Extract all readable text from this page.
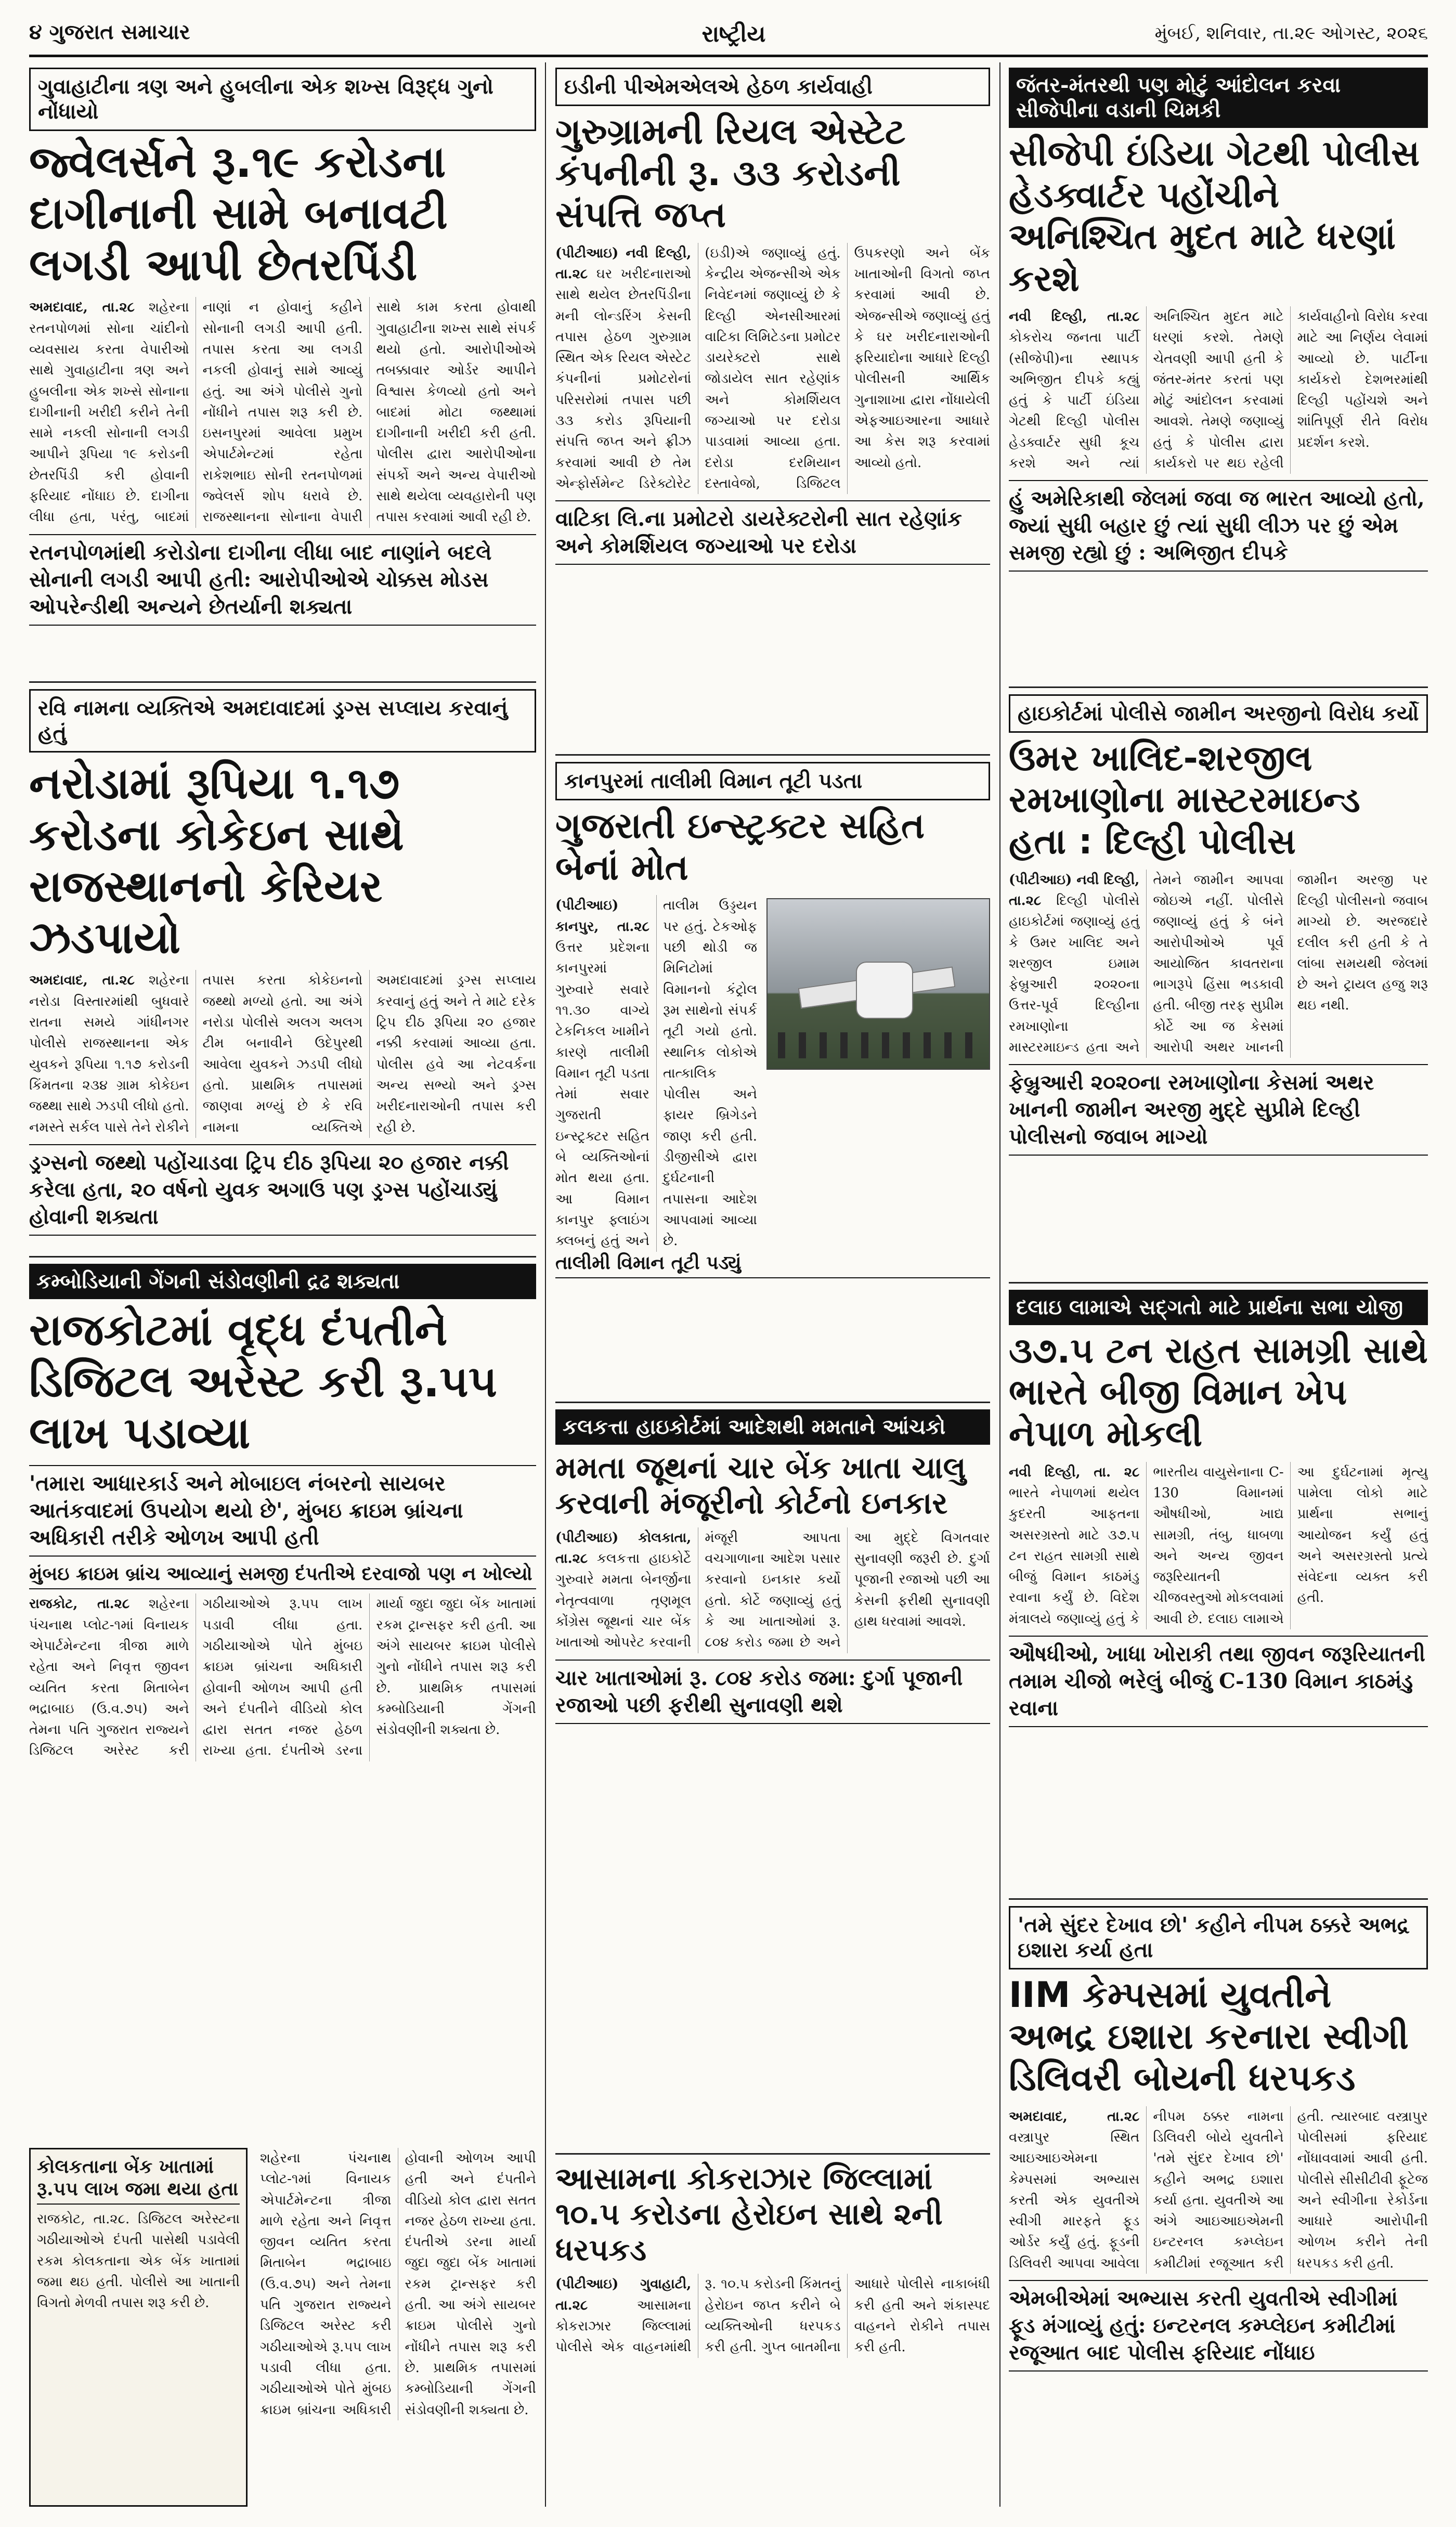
૪ ગુજરાત સમાચાર	રાષ્ટ્રીય	મુંબઈ, શનિવાર, તા.૨૯ ઓગસ્ટ, ૨૦૨૬
ગુવાહાટીના ત્રણ અને હુબલીના એક શખ્સ વિરૂદ્ધ ગુનો નોંધાયો
જ્વેલર્સને રૂ.૧૯ કરોડના દાગીનાની સામે બનાવટી લગડી આપી છેતરપિંડી
અમદાવાદ, તા.૨૮ શહેરના રતનપોળમાં સોના ચાંદીનો વ્યવસાય કરતા વેપારીઓ સાથે ગુવાહાટીના ત્રણ અને હુબલીના એક શખ્સે સોનાના દાગીનાની ખરીદી કરીને તેની સામે નકલી સોનાની લગડી આપીને રૂપિયા ૧૯ કરોડની છેતરપિંડી કરી હોવાની ફરિયાદ નોંધાઇ છે. દાગીના લીધા હતા, પરંતુ, બાદમાં નાણાં ન હોવાનું કહીને સોનાની લગડી આપી હતી. તપાસ કરતા આ લગડી નકલી હોવાનું સામે આવ્યું હતું. આ અંગે પોલીસે ગુનો નોંધીને તપાસ શરૂ કરી છે. ઇસનપુરમાં આવેલા પ્રમુખ એપાર્ટમેન્ટમાં રહેતા રાકેશભાઇ સોની રતનપોળમાં જ્વેલર્સ શોપ ધરાવે છે. રાજસ્થાનના સોનાના વેપારી સાથે કામ કરતા હોવાથી ગુવાહાટીના શખ્સ સાથે સંપર્ક થયો હતો. આરોપીઓએ તબક્કાવાર ઓર્ડર આપીને વિશ્વાસ કેળવ્યો હતો અને બાદમાં મોટા જથ્થામાં દાગીનાની ખરીદી કરી હતી. પોલીસ દ્વારા આરોપીઓના સંપર્કો અને અન્ય વેપારીઓ સાથે થયેલા વ્યવહારોની પણ તપાસ કરવામાં આવી રહી છે.
રતનપોળમાંથી કરોડોના દાગીના લીધા બાદ નાણાંને બદલે સોનાની લગડી આપી હતી: આરોપીઓએ ચોક્કસ મોડસ ઓપરેન્ડીથી અન્યને છેતર્યાની શક્યતા
રવિ નામના વ્યક્તિએ અમદાવાદમાં ડ્રગ્સ સપ્લાય કરવાનું હતું
નરોડામાં રૂપિયા ૧.૧૭ કરોડના કોકેઇન સાથે રાજસ્થાનનો કેરિયર ઝડપાયો
અમદાવાદ, તા.૨૮ શહેરના નરોડા વિસ્તારમાંથી બુધવારે રાતના સમયે ગાંધીનગર પોલીસે રાજસ્થાનના એક યુવકને રૂપિયા ૧.૧૭ કરોડની કિંમતના ૨૩૪ ગ્રામ કોકેઇન જથ્થા સાથે ઝડપી લીધો હતો. નમસ્તે સર્કલ પાસે તેને રોકીને તપાસ કરતા કોકેઇનનો જથ્થો મળ્યો હતો. આ અંગે નરોડા પોલીસે અલગ અલગ ટીમ બનાવીને ઉદેપુરથી આવેલા યુવકને ઝડપી લીધો હતો. પ્રાથમિક તપાસમાં જાણવા મળ્યું છે કે રવિ નામના વ્યક્તિએ અમદાવાદમાં ડ્રગ્સ સપ્લાય કરવાનું હતું અને તે માટે દરેક ટ્રિપ દીઠ રૂપિયા ૨૦ હજાર નક્કી કરવામાં આવ્યા હતા. પોલીસ હવે આ નેટવર્કના અન્ય સભ્યો અને ડ્રગ્સ ખરીદનારાઓની તપાસ કરી રહી છે.
ડ્રગ્સનો જથ્થો પહોંચાડવા ટ્રિપ દીઠ રૂપિયા ૨૦ હજાર નક્કી કરેલા હતા, ૨૦ વર્ષનો યુવક અગાઉ પણ ડ્રગ્સ પહોંચાડ્યું હોવાની શક્યતા
કમ્બોડિયાની ગેંગની સંડોવણીની દ્રઢ શક્યતા
રાજકોટમાં વૃદ્ધ દંપતીને ડિજિટલ અરેસ્ટ કરી રૂ.૫૫ લાખ પડાવ્યા
'તમારા આધારકાર્ડ અને મોબાઇલ નંબરનો સાયબર આતંકવાદમાં ઉપયોગ થયો છે', મુંબઇ ક્રાઇમ બ્રાંચના અધિકારી તરીકે ઓળખ આપી હતી
મુંબઇ ક્રાઇમ બ્રાંચ આવ્યાનું સમજી દંપતીએ દરવાજો પણ ન ખોલ્યો
રાજકોટ, તા.૨૮ શહેરના પંચનાથ પ્લોટ-૧માં વિનાયક એપાર્ટમેન્ટના ત્રીજા માળે રહેતા અને નિવૃત્ત જીવન વ્યતિત કરતા મિતાબેન ભદ્રાબાઇ (ઉ.વ.૭૫) અને તેમના પતિ ગુજરાત રાજ્યને ડિજિટલ અરેસ્ટ કરી ગઠીયાઓએ રૂ.૫૫ લાખ પડાવી લીધા હતા. ગઠીયાઓએ પોતે મુંબઇ ક્રાઇમ બ્રાંચના અધિકારી હોવાની ઓળખ આપી હતી અને દંપતીને વીડિયો કોલ દ્વારા સતત નજર હેઠળ રાખ્યા હતા. દંપતીએ ડરના માર્યા જુદા જુદા બેંક ખાતામાં રકમ ટ્રાન્સફર કરી હતી. આ અંગે સાયબર ક્રાઇમ પોલીસે ગુનો નોંધીને તપાસ શરૂ કરી છે. પ્રાથમિક તપાસમાં કમ્બોડિયાની ગેંગની સંડોવણીની શક્યતા છે.
કોલકતાના બેંક ખાતામાં રૂ.૫૫ લાખ જમા થયા હતા
રાજકોટ, તા.૨૮. ડિજિટલ અરેસ્ટના ગઠીયાઓએ દંપતી પાસેથી પડાવેલી રકમ કોલકતાના એક બેંક ખાતામાં જમા થઇ હતી. પોલીસે આ ખાતાની વિગતો મેળવી તપાસ શરૂ કરી છે.
શહેરના પંચનાથ પ્લોટ-૧માં વિનાયક એપાર્ટમેન્ટના ત્રીજા માળે રહેતા અને નિવૃત્ત જીવન વ્યતિત કરતા મિતાબેન ભદ્રાબાઇ (ઉ.વ.૭૫) અને તેમના પતિ ગુજરાત રાજ્યને ડિજિટલ અરેસ્ટ કરી ગઠીયાઓએ રૂ.૫૫ લાખ પડાવી લીધા હતા. ગઠીયાઓએ પોતે મુંબઇ ક્રાઇમ બ્રાંચના અધિકારી હોવાની ઓળખ આપી હતી અને દંપતીને વીડિયો કોલ દ્વારા સતત નજર હેઠળ રાખ્યા હતા. દંપતીએ ડરના માર્યા જુદા જુદા બેંક ખાતામાં રકમ ટ્રાન્સફર કરી હતી. આ અંગે સાયબર ક્રાઇમ પોલીસે ગુનો નોંધીને તપાસ શરૂ કરી છે. પ્રાથમિક તપાસમાં કમ્બોડિયાની ગેંગની સંડોવણીની શક્યતા છે.
ઇડીની પીએમએલએ હેઠળ કાર્યવાહી
ગુરુગ્રામની રિયલ એસ્ટેટ કંપનીની રૂ. ૩૩ કરોડની સંપત્તિ જપ્ત
(પીટીઆઇ) નવી દિલ્હી, તા.૨૮ ઘર ખરીદનારાઓ સાથે થયેલ છેતરપિંડીના મની લોન્ડરિંગ કેસની તપાસ હેઠળ ગુરુગ્રામ સ્થિત એક રિયલ એસ્ટેટ કંપનીનાં પ્રમોટરોનાં પરિસરોમાં તપાસ પછી ૩૩ કરોડ રૂપિયાની સંપત્તિ જપ્ત અને ફ્રીઝ કરવામાં આવી છે તેમ એન્ફોર્સમેન્ટ ડિરેક્ટોરેટ (ઇડી)એ જણાવ્યું હતું. કેન્દ્રીય એજન્સીએ એક નિવેદનમાં જણાવ્યું છે કે દિલ્હી એનસીઆરમાં વાટિકા લિમિટેડના પ્રમોટર ડાયરેક્ટરો સાથે જોડાયેલ સાત રહેણાંક અને કોમર્શિયલ જગ્યાઓ પર દરોડા પાડવામાં આવ્યા હતા. દરોડા દરમિયાન દસ્તાવેજો, ડિજિટલ ઉપકરણો અને બેંક ખાતાઓની વિગતો જપ્ત કરવામાં આવી છે. એજન્સીએ જણાવ્યું હતું કે ઘર ખરીદનારાઓની ફરિયાદોના આધારે દિલ્હી પોલીસની આર્થિક ગુનાશાખા દ્વારા નોંધાયેલી એફઆઇઆરના આધારે આ કેસ શરૂ કરવામાં આવ્યો હતો.
વાટિકા લિ.ના પ્રમોટરો ડાયરેક્ટરોની સાત રહેણાંક અને કોમર્શિયલ જગ્યાઓ પર દરોડા
કાનપુરમાં તાલીમી વિમાન તૂટી પડતા
ગુજરાતી ઇન્સ્ટ્રક્ટર સહિત બેનાં મોત
(પીટીઆઇ) કાનપુર, તા.૨૮ ઉત્તર પ્રદેશના કાનપુરમાં ગુરુવારે સવારે ૧૧.૩૦ વાગ્યે ટેકનિકલ ખામીને કારણે તાલીમી વિમાન તૂટી પડતા તેમાં સવાર ગુજરાતી ઇન્સ્ટ્રક્ટર સહિત બે વ્યક્તિઓનાં મોત થયા હતા. આ વિમાન કાનપુર ફ્લાઇંગ ક્લબનું હતું અને તાલીમ ઉડ્ડયન પર હતું. ટેકઓફ પછી થોડી જ મિનિટોમાં વિમાનનો કંટ્રોલ રૂમ સાથેનો સંપર્ક તૂટી ગયો હતો. સ્થાનિક લોકોએ તાત્કાલિક પોલીસ અને ફાયર બ્રિગેડને જાણ કરી હતી. ડીજીસીએ દ્વારા દુર્ઘટનાની તપાસના આદેશ આપવામાં આવ્યા છે.
તાલીમી વિમાન તૂટી પડ્યું
કલકત્તા હાઇકોર્ટમાં આદેશથી મમતાને આંચકો
મમતા જૂથનાં ચાર બેંક ખાતા ચાલુ કરવાની મંજૂરીનો કોર્ટનો ઇનકાર
(પીટીઆઇ) કોલકાતા, તા.૨૮ કલકત્તા હાઇકોર્ટે ગુરુવારે મમતા બેનર્જીના નેતૃત્વવાળા તૃણમૂલ કોંગ્રેસ જૂથનાં ચાર બેંક ખાતાઓ ઓપરેટ કરવાની મંજૂરી આપતા વચગાળાના આદેશ પસાર કરવાનો ઇનકાર કર્યો હતો. કોર્ટે જણાવ્યું હતું કે આ ખાતાઓમાં રૂ. ૮૦૪ કરોડ જમા છે અને આ મુદ્દે વિગતવાર સુનાવણી જરૂરી છે. દુર્ગા પૂજાની રજાઓ પછી આ કેસની ફરીથી સુનાવણી હાથ ધરવામાં આવશે.
ચાર ખાતાઓમાં રૂ. ૮૦૪ કરોડ જમા: દુર્ગા પૂજાની રજાઓ પછી ફરીથી સુનાવણી થશે
આસામના કોકરાઝાર જિલ્લામાં ૧૦.૫ કરોડના હેરોઇન સાથે ૨ની ધરપકડ
(પીટીઆઇ) ગુવાહાટી, તા.૨૮	આસામના કોકરાઝાર જિલ્લામાં પોલીસે એક વાહનમાંથી રૂ. ૧૦.૫ કરોડની કિંમતનું હેરોઇન જપ્ત કરીને બે વ્યક્તિઓની ધરપકડ કરી હતી. ગુપ્ત બાતમીના આધારે પોલીસે નાકાબંધી કરી હતી અને શંકાસ્પદ વાહનને રોકીને તપાસ કરી હતી.
જંતર-મંતરથી પણ મોટું આંદોલન કરવા સીજેપીના વડાની ચિમકી
સીજેપી ઇંડિયા ગેટથી પોલીસ હેડક્વાર્ટર પહોંચીને અનિશ્ચિત મુદત માટે ધરણાં કરશે
નવી દિલ્હી, તા.૨૮ કોકરોચ જનતા પાર્ટી (સીજેપી)ના સ્થાપક અભિજીત દીપકે કહ્યું હતું કે પાર્ટી ઇંડિયા ગેટથી દિલ્હી પોલીસ હેડક્વાર્ટર સુધી કૂચ કરશે અને ત્યાં અનિશ્ચિત મુદત માટે ધરણાં કરશે. તેમણે ચેતવણી આપી હતી કે જંતર-મંતર કરતાં પણ મોટું આંદોલન કરવામાં આવશે. તેમણે જણાવ્યું હતું કે પોલીસ દ્વારા કાર્યકરો પર થઇ રહેલી કાર્યવાહીનો વિરોધ કરવા માટે આ નિર્ણય લેવામાં આવ્યો છે. પાર્ટીના કાર્યકરો દેશભરમાંથી દિલ્હી પહોંચશે અને શાંતિપૂર્ણ રીતે વિરોધ પ્રદર્શન કરશે.
હું અમેરિકાથી જેલમાં જવા જ ભારત આવ્યો હતો, જ્યાં સુધી બહાર છું ત્યાં સુધી લીઝ પર છું એમ સમજી રહ્યો છું : અભિજીત દીપકે
હાઇકોર્ટમાં પોલીસે જામીન અરજીનો વિરોધ કર્યો
ઉમર ખાલિદ-શરજીલ રમખાણોના માસ્ટરમાઇન્ડ હતા : દિલ્હી પોલીસ
(પીટીઆઇ) નવી દિલ્હી, તા.૨૮ દિલ્હી પોલીસે હાઇકોર્ટમાં જણાવ્યું હતું કે ઉમર ખાલિદ અને શરજીલ ઇમામ ફેબ્રુઆરી ૨૦૨૦ના ઉત્તર-પૂર્વ દિલ્હીના રમખાણોના માસ્ટરમાઇન્ડ હતા અને તેમને જામીન આપવા જોઇએ નહીં. પોલીસે જણાવ્યું હતું કે બંને આરોપીઓએ પૂર્વ આયોજિત કાવતરાના ભાગરૂપે હિંસા ભડકાવી હતી. બીજી તરફ સુપ્રીમ કોર્ટે આ જ કેસમાં આરોપી અથર ખાનની જામીન અરજી પર દિલ્હી પોલીસનો જવાબ માગ્યો છે. અરજદારે દલીલ કરી હતી કે તે લાંબા સમયથી જેલમાં છે અને ટ્રાયલ હજુ શરૂ થઇ નથી.
ફેબ્રુઆરી ૨૦૨૦ના રમખાણોના કેસમાં અથર ખાનની જામીન અરજી મુદ્દે સુપ્રીમે દિલ્હી પોલીસનો જવાબ માગ્યો
દલાઇ લામાએ સદ્ગતો માટે પ્રાર્થના સભા યોજી
૩૭.૫ ટન રાહત સામગ્રી સાથે ભારતે બીજી વિમાન ખેપ નેપાળ મોકલી
નવી દિલ્હી, તા. ૨૮ ભારતે નેપાળમાં થયેલ કુદરતી આફતના અસરગ્રસ્તો માટે ૩૭.૫ ટન રાહત સામગ્રી સાથે બીજું વિમાન કાઠમંડુ રવાના કર્યું છે. વિદેશ મંત્રાલયે જણાવ્યું હતું કે ભારતીય વાયુસેનાના C-130 વિમાનમાં ઔષધીઓ, ખાદ્ય સામગ્રી, તંબુ, ધાબળા અને અન્ય જીવન જરૂરિયાતની ચીજવસ્તુઓ મોકલવામાં આવી છે. દલાઇ લામાએ આ દુર્ઘટનામાં મૃત્યુ પામેલા લોકો માટે પ્રાર્થના સભાનું આયોજન કર્યું હતું અને અસરગ્રસ્તો પ્રત્યે સંવેદના વ્યક્ત કરી હતી.
ઔષધીઓ, ખાધા ખોરાકી તથા જીવન જરૂરિયાતની તમામ ચીજો ભરેલું બીજું C-130 વિમાન કાઠમંડુ રવાના
'તમે સુંદર દેખાવ છો' કહીને નીપમ ઠક્કરે અભદ્ર ઇશારા કર્યા હતા
IIM કેમ્પસમાં યુવતીને અભદ્ર ઇશારા કરનારા સ્વીગી ડિલિવરી બોયની ધરપકડ
અમદાવાદ, તા.૨૮ વસ્ત્રાપુર સ્થિત આઇઆઇએમના કેમ્પસમાં અભ્યાસ કરતી એક યુવતીએ સ્વીગી મારફતે ફૂડ ઓર્ડર કર્યું હતું. ફૂડની ડિલિવરી આપવા આવેલા નીપમ ઠક્કર નામના ડિલિવરી બોયે યુવતીને 'તમે સુંદર દેખાવ છો' કહીને અભદ્ર ઇશારા કર્યા હતા. યુવતીએ આ અંગે આઇઆઇએમની ઇન્ટરનલ કમ્પ્લેઇન કમીટીમાં રજૂઆત કરી હતી. ત્યારબાદ વસ્ત્રાપુર પોલીસમાં ફરિયાદ નોંધાવવામાં આવી હતી. પોલીસે સીસીટીવી ફૂટેજ અને સ્વીગીના રેકોર્ડના આધારે આરોપીની ઓળખ કરીને તેની ધરપકડ કરી હતી.
એમબીએમાં અભ્યાસ કરતી યુવતીએ સ્વીગીમાં ફૂડ મંગાવ્યું હતું: ઇન્ટરનલ કમ્પ્લેઇન કમીટીમાં રજૂઆત બાદ પોલીસ ફરિયાદ નોંધાઇ
